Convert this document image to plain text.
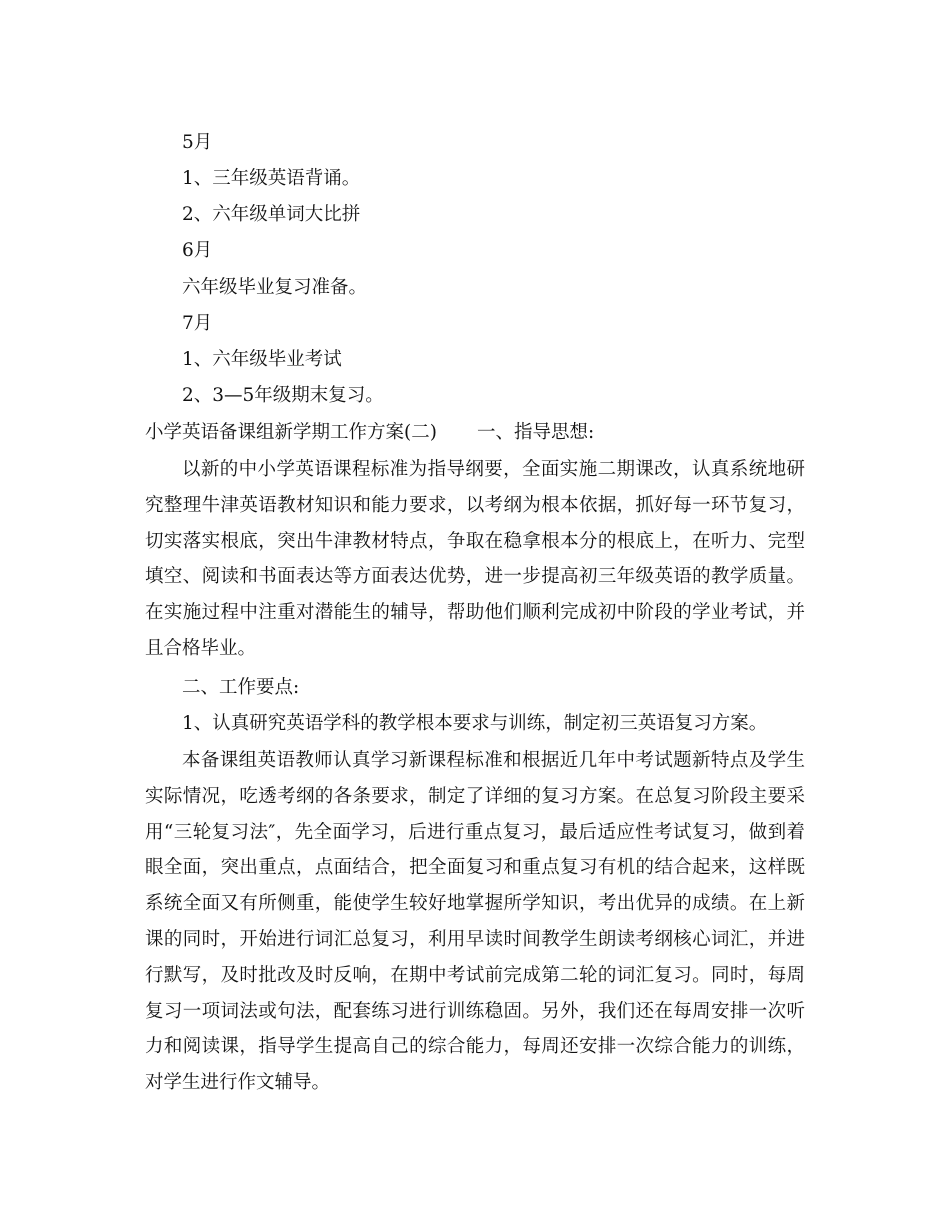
5月
1、三年级英语背诵。
2、六年级单词大比拼
6月
六年级毕业复习准备。
7月
1、六年级毕业考试
2、3—5年级期末复习。
小学英语备课组新学期工作方案(二) 一、指导思想:

以新的中小学英语课程标准为指导纲要，全面实施二期课改，认真系统地研究整理牛津英语教材知识和能力要求，以考纲为根本依据，抓好每一环节复习，切实落实根底，突出牛津教材特点，争取在稳拿根本分的根底上，在听力、完型填空、阅读和书面表达等方面表达优势，进一步提高初三年级英语的教学质量。在实施过程中注重对潜能生的辅导，帮助他们顺利完成初中阶段的学业考试，并且合格毕业。

二、工作要点:
1、认真研究英语学科的教学根本要求与训练，制定初三英语复习方案。

本备课组英语教师认真学习新课程标准和根据近几年中考试题新特点及学生实际情况，吃透考纲的各条要求，制定了详细的复习方案。在总复习阶段主要采用“三轮复习法″，先全面学习，后进行重点复习，最后适应性考试复习，做到着眼全面，突出重点，点面结合，把全面复习和重点复习有机的结合起来，这样既系统全面又有所侧重，能使学生较好地掌握所学知识，考出优异的成绩。在上新课的同时，开始进行词汇总复习，利用早读时间教学生朗读考纲核心词汇，并进行默写，及时批改及时反响，在期中考试前完成第二轮的词汇复习。同时，每周复习一项词法或句法，配套练习进行训练稳固。另外，我们还在每周安排一次听力和阅读课，指导学生提高自己的综合能力，每周还安排一次综合能力的训练，对学生进行作文辅导。
